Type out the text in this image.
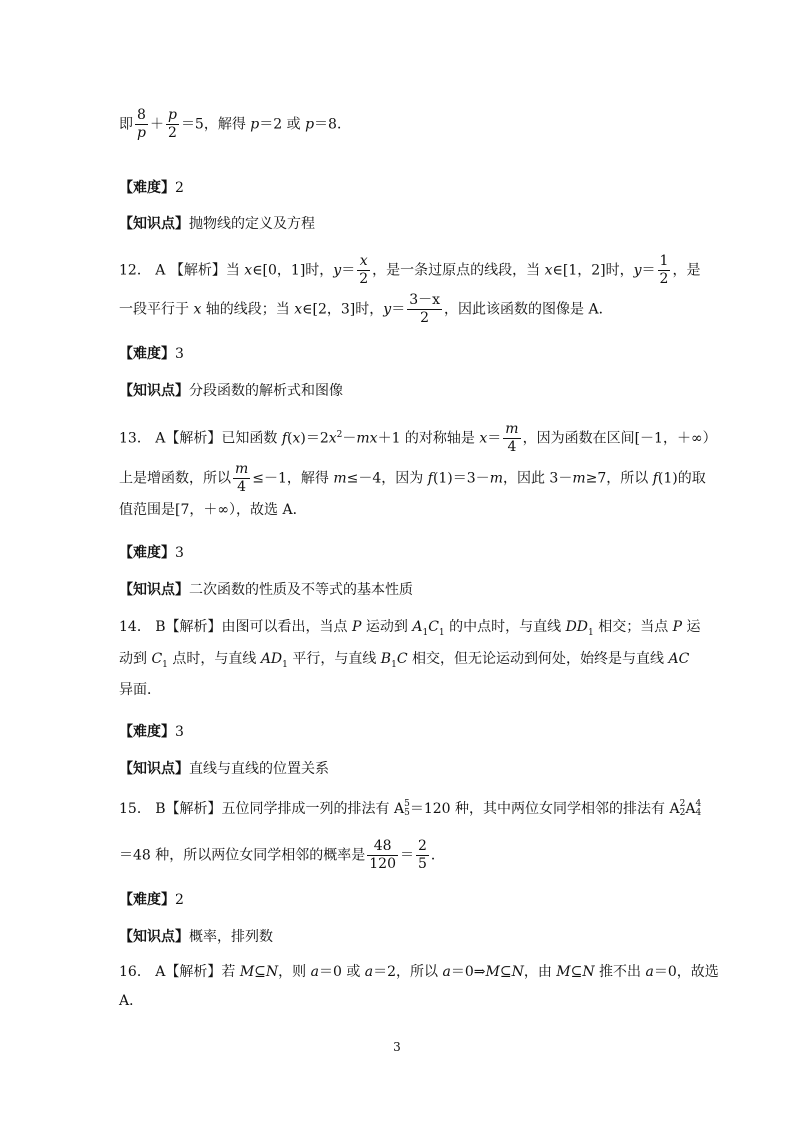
即 $\frac{8}{p} + \frac{p}{2} =5$，解得 p＝2 或 p＝8．
【难度】2
【知识点】抛物线的定义及方程
12． A 【解析】当 x∈[0，1]时，$y= \frac{x}{2}$ ，是一条过原点的线段，当 x∈[1，2]时，$y= \frac{1}{2}$ ，是
一段平行于 x 轴的线段；当 x∈[2，3]时，$y= \frac{3-x}{2}$ ，因此该函数的图像是 A．
【难度】3
【知识点】分段函数的解析式和图像
13． A【解析】已知函数 $f(x)=2x^2-mx+1$ 的对称轴是 $x= \frac{m}{4}$ ，因为函数在区间[－1，＋∞）
上是增函数，所以 $\frac{m}{4} \le-1$，解得 m≤－4，因为 f(1)＝3－m，因此 3－m≥7，所以 f(1)的取
值范围是[7，＋∞），故选 A．
【难度】3
【知识点】二次函数的性质及不等式的基本性质
14． B【解析】由图可以看出，当点 P 运动到 $A_1C_1$ 的中点时，与直线 $DD_1$ 相交；当点 P 运
动到 $C_1$ 点时，与直线 $AD_1$ 平行，与直线 $B_1C$ 相交，但无论运动到何处，始终是与直线 AC
异面．
【难度】3
【知识点】直线与直线的位置关系
15． B【解析】五位同学排成一列的排法有 A 5
5 ＝120 种，其中两位女同学相邻的排法有 A 2
2 A 4
4
＝48 种，所以两位女同学相邻的概率是 $\frac{48}{120} = \frac{2}{5}$ ．
【难度】2
【知识点】概率，排列数
16． A【解析】若 M⊆N，则 a＝0 或 a＝2，所以 a＝0⇒M⊆N，由 M⊆N 推不出 a＝0，故选
A．
3
